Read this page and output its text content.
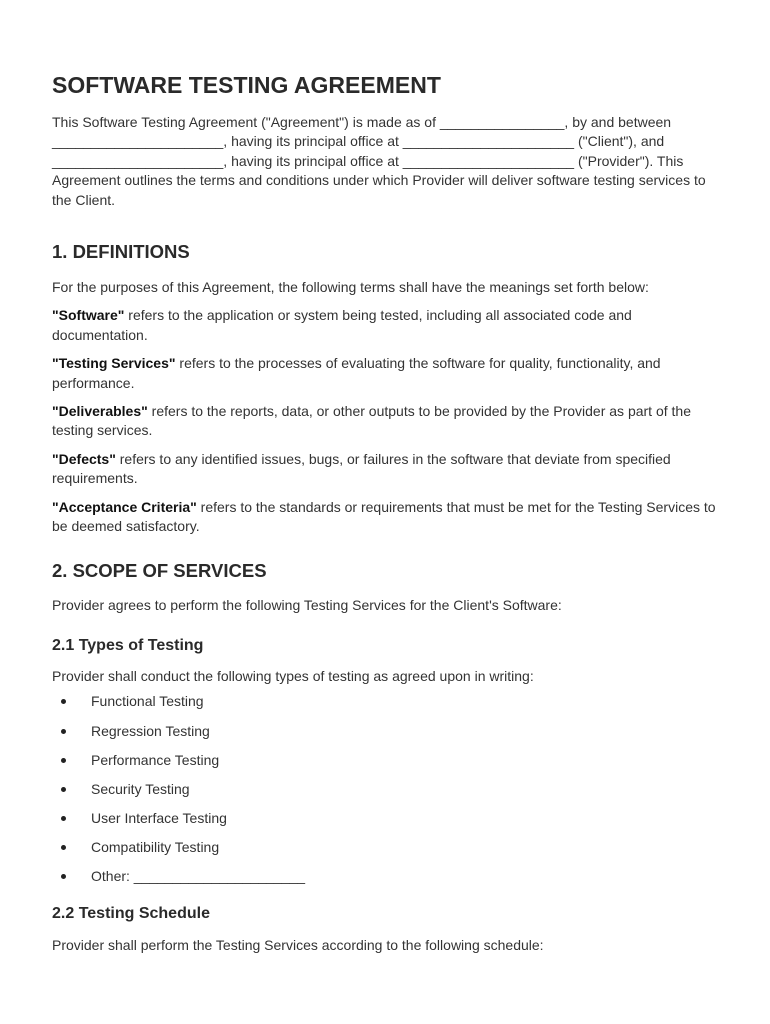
SOFTWARE TESTING AGREEMENT

This Software Testing Agreement ("Agreement") is made as of ________________, by and between ______________________, having its principal office at ______________________ ("Client"), and ______________________, having its principal office at ______________________ ("Provider"). This Agreement outlines the terms and conditions under which Provider will deliver software testing services to the Client.

1. DEFINITIONS

For the purposes of this Agreement, the following terms shall have the meanings set forth below:

"Software" refers to the application or system being tested, including all associated code and documentation.

"Testing Services" refers to the processes of evaluating the software for quality, functionality, and performance.

"Deliverables" refers to the reports, data, or other outputs to be provided by the Provider as part of the testing services.

"Defects" refers to any identified issues, bugs, or failures in the software that deviate from specified requirements.

"Acceptance Criteria" refers to the standards or requirements that must be met for the Testing Services to be deemed satisfactory.

2. SCOPE OF SERVICES

Provider agrees to perform the following Testing Services for the Client's Software:

2.1 Types of Testing

Provider shall conduct the following types of testing as agreed upon in writing:

Functional Testing
Regression Testing
Performance Testing
Security Testing
User Interface Testing
Compatibility Testing
Other: ______________________
2.2 Testing Schedule

Provider shall perform the Testing Services according to the following schedule:
